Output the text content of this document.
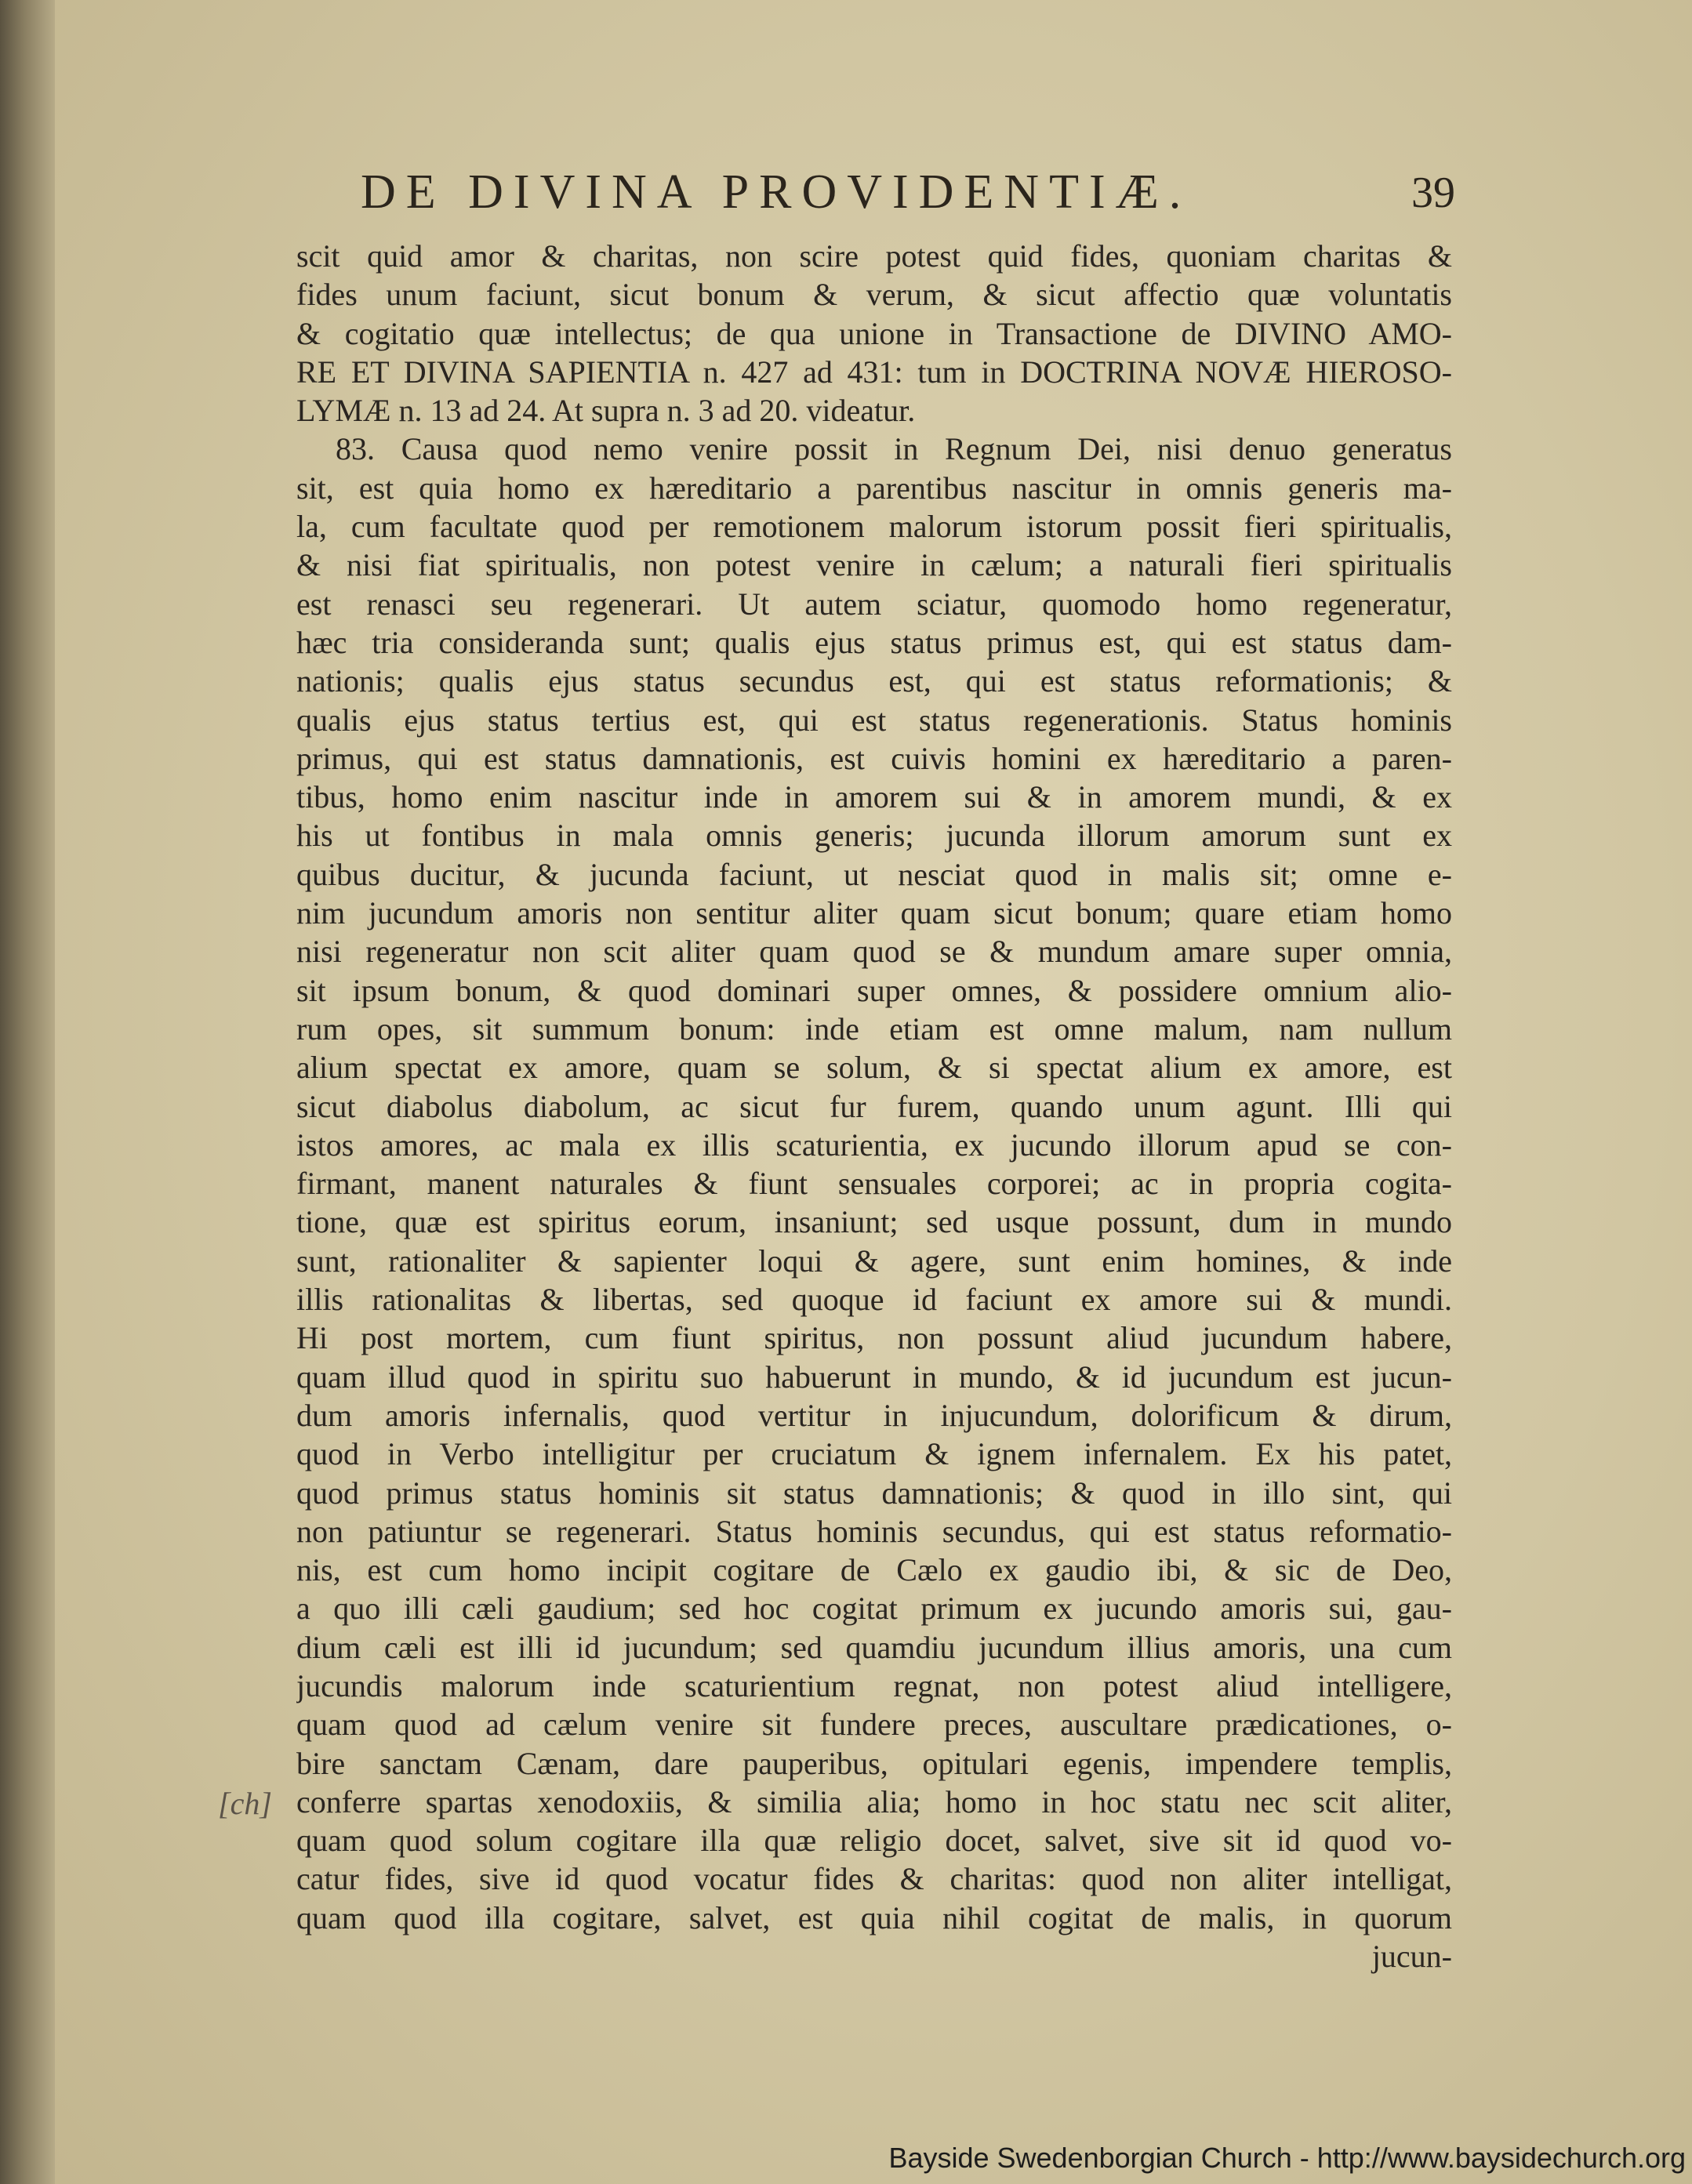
DE DIVINA PROVIDENTIÆ.	39
scit quid amor & charitas, non scire potest quid fides, quoniam charitas &
fides unum faciunt, sicut bonum & verum, & sicut affectio quæ voluntatis
& cogitatio quæ intellectus; de qua unione in Transactione de DIVINO AMO-
RE ET DIVINA SAPIENTIA n. 427 ad 431: tum in DOCTRINA NOVÆ HIEROSO-
LYMÆ n. 13 ad 24. At supra n. 3 ad 20. videatur.
83. Causa quod nemo venire possit in Regnum Dei, nisi denuo generatus
sit, est quia homo ex hæreditario a parentibus nascitur in omnis generis ma-
la, cum facultate quod per remotionem malorum istorum possit fieri spiritualis,
& nisi fiat spiritualis, non potest venire in cælum; a naturali fieri spiritualis
est renasci seu regenerari. Ut autem sciatur, quomodo homo regeneratur,
hæc tria consideranda sunt; qualis ejus status primus est, qui est status dam-
nationis; qualis ejus status secundus est, qui est status reformationis; &
qualis ejus status tertius est, qui est status regenerationis. Status hominis
primus, qui est status damnationis, est cuivis homini ex hæreditario a paren-
tibus, homo enim nascitur inde in amorem sui & in amorem mundi, & ex
his ut fontibus in mala omnis generis; jucunda illorum amorum sunt ex
quibus ducitur, & jucunda faciunt, ut nesciat quod in malis sit; omne e-
nim jucundum amoris non sentitur aliter quam sicut bonum; quare etiam homo
nisi regeneratur non scit aliter quam quod se & mundum amare super omnia,
sit ipsum bonum, & quod dominari super omnes, & possidere omnium alio-
rum opes, sit summum bonum: inde etiam est omne malum, nam nullum
alium spectat ex amore, quam se solum, & si spectat alium ex amore, est
sicut diabolus diabolum, ac sicut fur furem, quando unum agunt. Illi qui
istos amores, ac mala ex illis scaturientia, ex jucundo illorum apud se con-
firmant, manent naturales & fiunt sensuales corporei; ac in propria cogita-
tione, quæ est spiritus eorum, insaniunt; sed usque possunt, dum in mundo
sunt, rationaliter & sapienter loqui & agere, sunt enim homines, & inde
illis rationalitas & libertas, sed quoque id faciunt ex amore sui & mundi.
Hi post mortem, cum fiunt spiritus, non possunt aliud jucundum habere,
quam illud quod in spiritu suo habuerunt in mundo, & id jucundum est jucun-
dum amoris infernalis, quod vertitur in injucundum, dolorificum & dirum,
quod in Verbo intelligitur per cruciatum & ignem infernalem. Ex his patet,
quod primus status hominis sit status damnationis; & quod in illo sint, qui
non patiuntur se regenerari. Status hominis secundus, qui est status reformatio-
nis, est cum homo incipit cogitare de Cælo ex gaudio ibi, & sic de Deo,
a quo illi cæli gaudium; sed hoc cogitat primum ex jucundo amoris sui, gau-
dium cæli est illi id jucundum; sed quamdiu jucundum illius amoris, una cum
jucundis malorum inde scaturientium regnat, non potest aliud intelligere,
quam quod ad cælum venire sit fundere preces, auscultare prædicationes, o-
bire sanctam Cænam, dare pauperibus, opitulari egenis, impendere templis,
conferre spartas xenodoxiis, & similia alia; homo in hoc statu nec scit aliter,
quam quod solum cogitare illa quæ religio docet, salvet, sive sit id quod vo-
catur fides, sive id quod vocatur fides & charitas: quod non aliter intelligat,
quam quod illa cogitare, salvet, est quia nihil cogitat de malis, in quorum
jucun-
[ch]
Bayside Swedenborgian Church - http://www.baysidechurch.org
